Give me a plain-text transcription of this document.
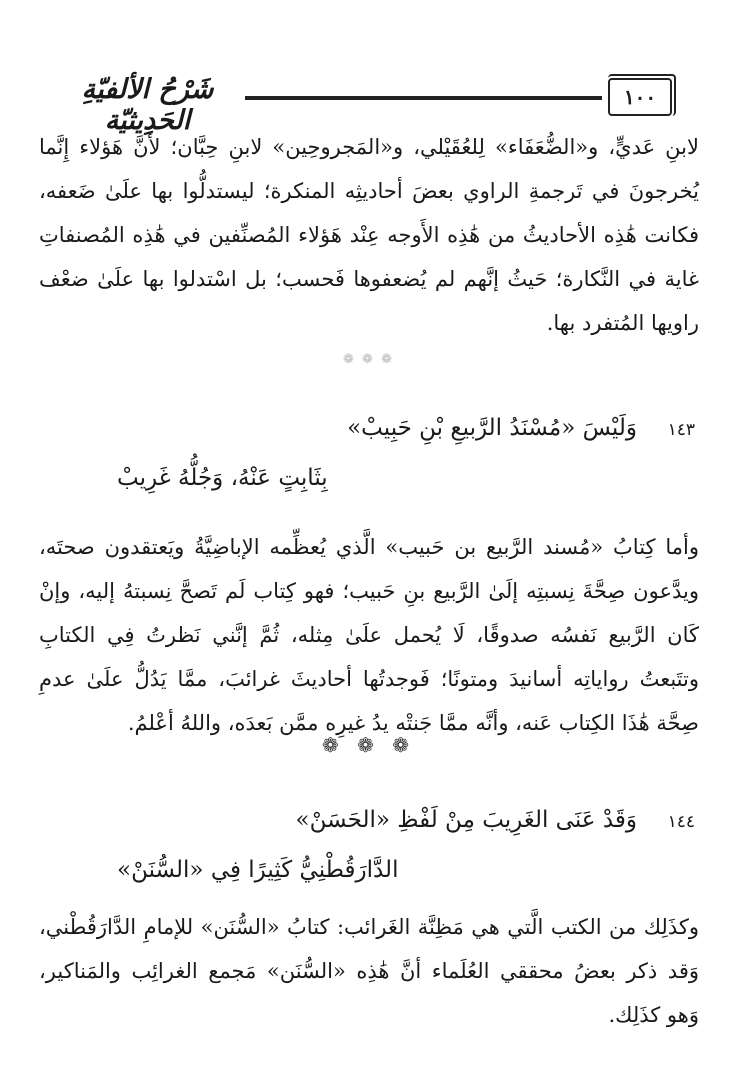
١٠٠
شَرْحُ الألفيّةِ الحَدِيثيّة

لابنِ عَديٍّ، و«الضُّعَفَاء» لِلعُقَيْلي، و«المَجروحِين» لابنِ حِبَّان؛ لأَنَّ هَؤلاء إِنَّما يُخرجونَ في تَرجمةِ الراوي بعضَ أحاديثِه المنكرة؛ ليستدلُّوا بها علَىٰ ضَعفه، فكانت هَٰذِه الأحاديثُ من هَٰذِه الأَوجه عِنْد هَؤلاء المُصنِّفين في هَٰذِه المُصنفاتِ غاية في النَّكارة؛ حَيثُ إنَّهم لم يُضعفوها فَحسب؛ بل اسْتدلوا بها علَىٰ ضعْف راويها المُتفرد بها.

❁ ❁ ❁
١٤٣
وَلَيْسَ «مُسْنَدُ الرَّبيعِ بْنِ حَبِيبْ»
بِثَابِتٍ عَنْهُ، وَجُلُّهُ غَرِيبْ

وأما كِتابُ «مُسند الرَّبيع بن حَبيب» الَّذي يُعظِّمه الإباضِيَّةُ ويَعتقدون صحتَه، ويدَّعون صِحَّةَ نِسبتِه إلَىٰ الرَّبيع بنِ حَبيب؛ فهو كِتاب لَم تَصحَّ نِسبتهُ إليه، وإنْ كَان الرَّبيع نَفسُه صدوقًا، لَا يُحمل علَىٰ مِثله، ثُمَّ إنَّني نَظرتُ فِي الكتابِ وتتَبعتُ رواياتِه أسانيدَ ومتونًا؛ فَوجدتُها أحاديثَ غرائبَ، ممَّا يَدُلُّ علَىٰ عدمِ صِحَّة هَٰذَا الكِتاب عَنه، وأنَّه ممَّا جَنتْه يدُ غيرِه ممَّن بَعدَه، واللهُ أعْلمُ.

❁ ❁ ❁
١٤٤
وَقَدْ عَنَى الغَرِيبَ مِنْ لَفْظِ «الحَسَنْ»
الدَّارَقُطْنِيُّ كَثِيرًا فِي «السُّنَنْ»

وكذَلِك من الكتب الَّتي هي مَظِنَّة الغَرائب: كتابُ «السُّنَن» للإمامِ الدَّارَقُطْني، وَقد ذكر بعضُ محققي العُلَماء أنَّ هَٰذِه «السُّنَن» مَجمع الغرائِب والمَناكير، وَهو كذَلِك.
